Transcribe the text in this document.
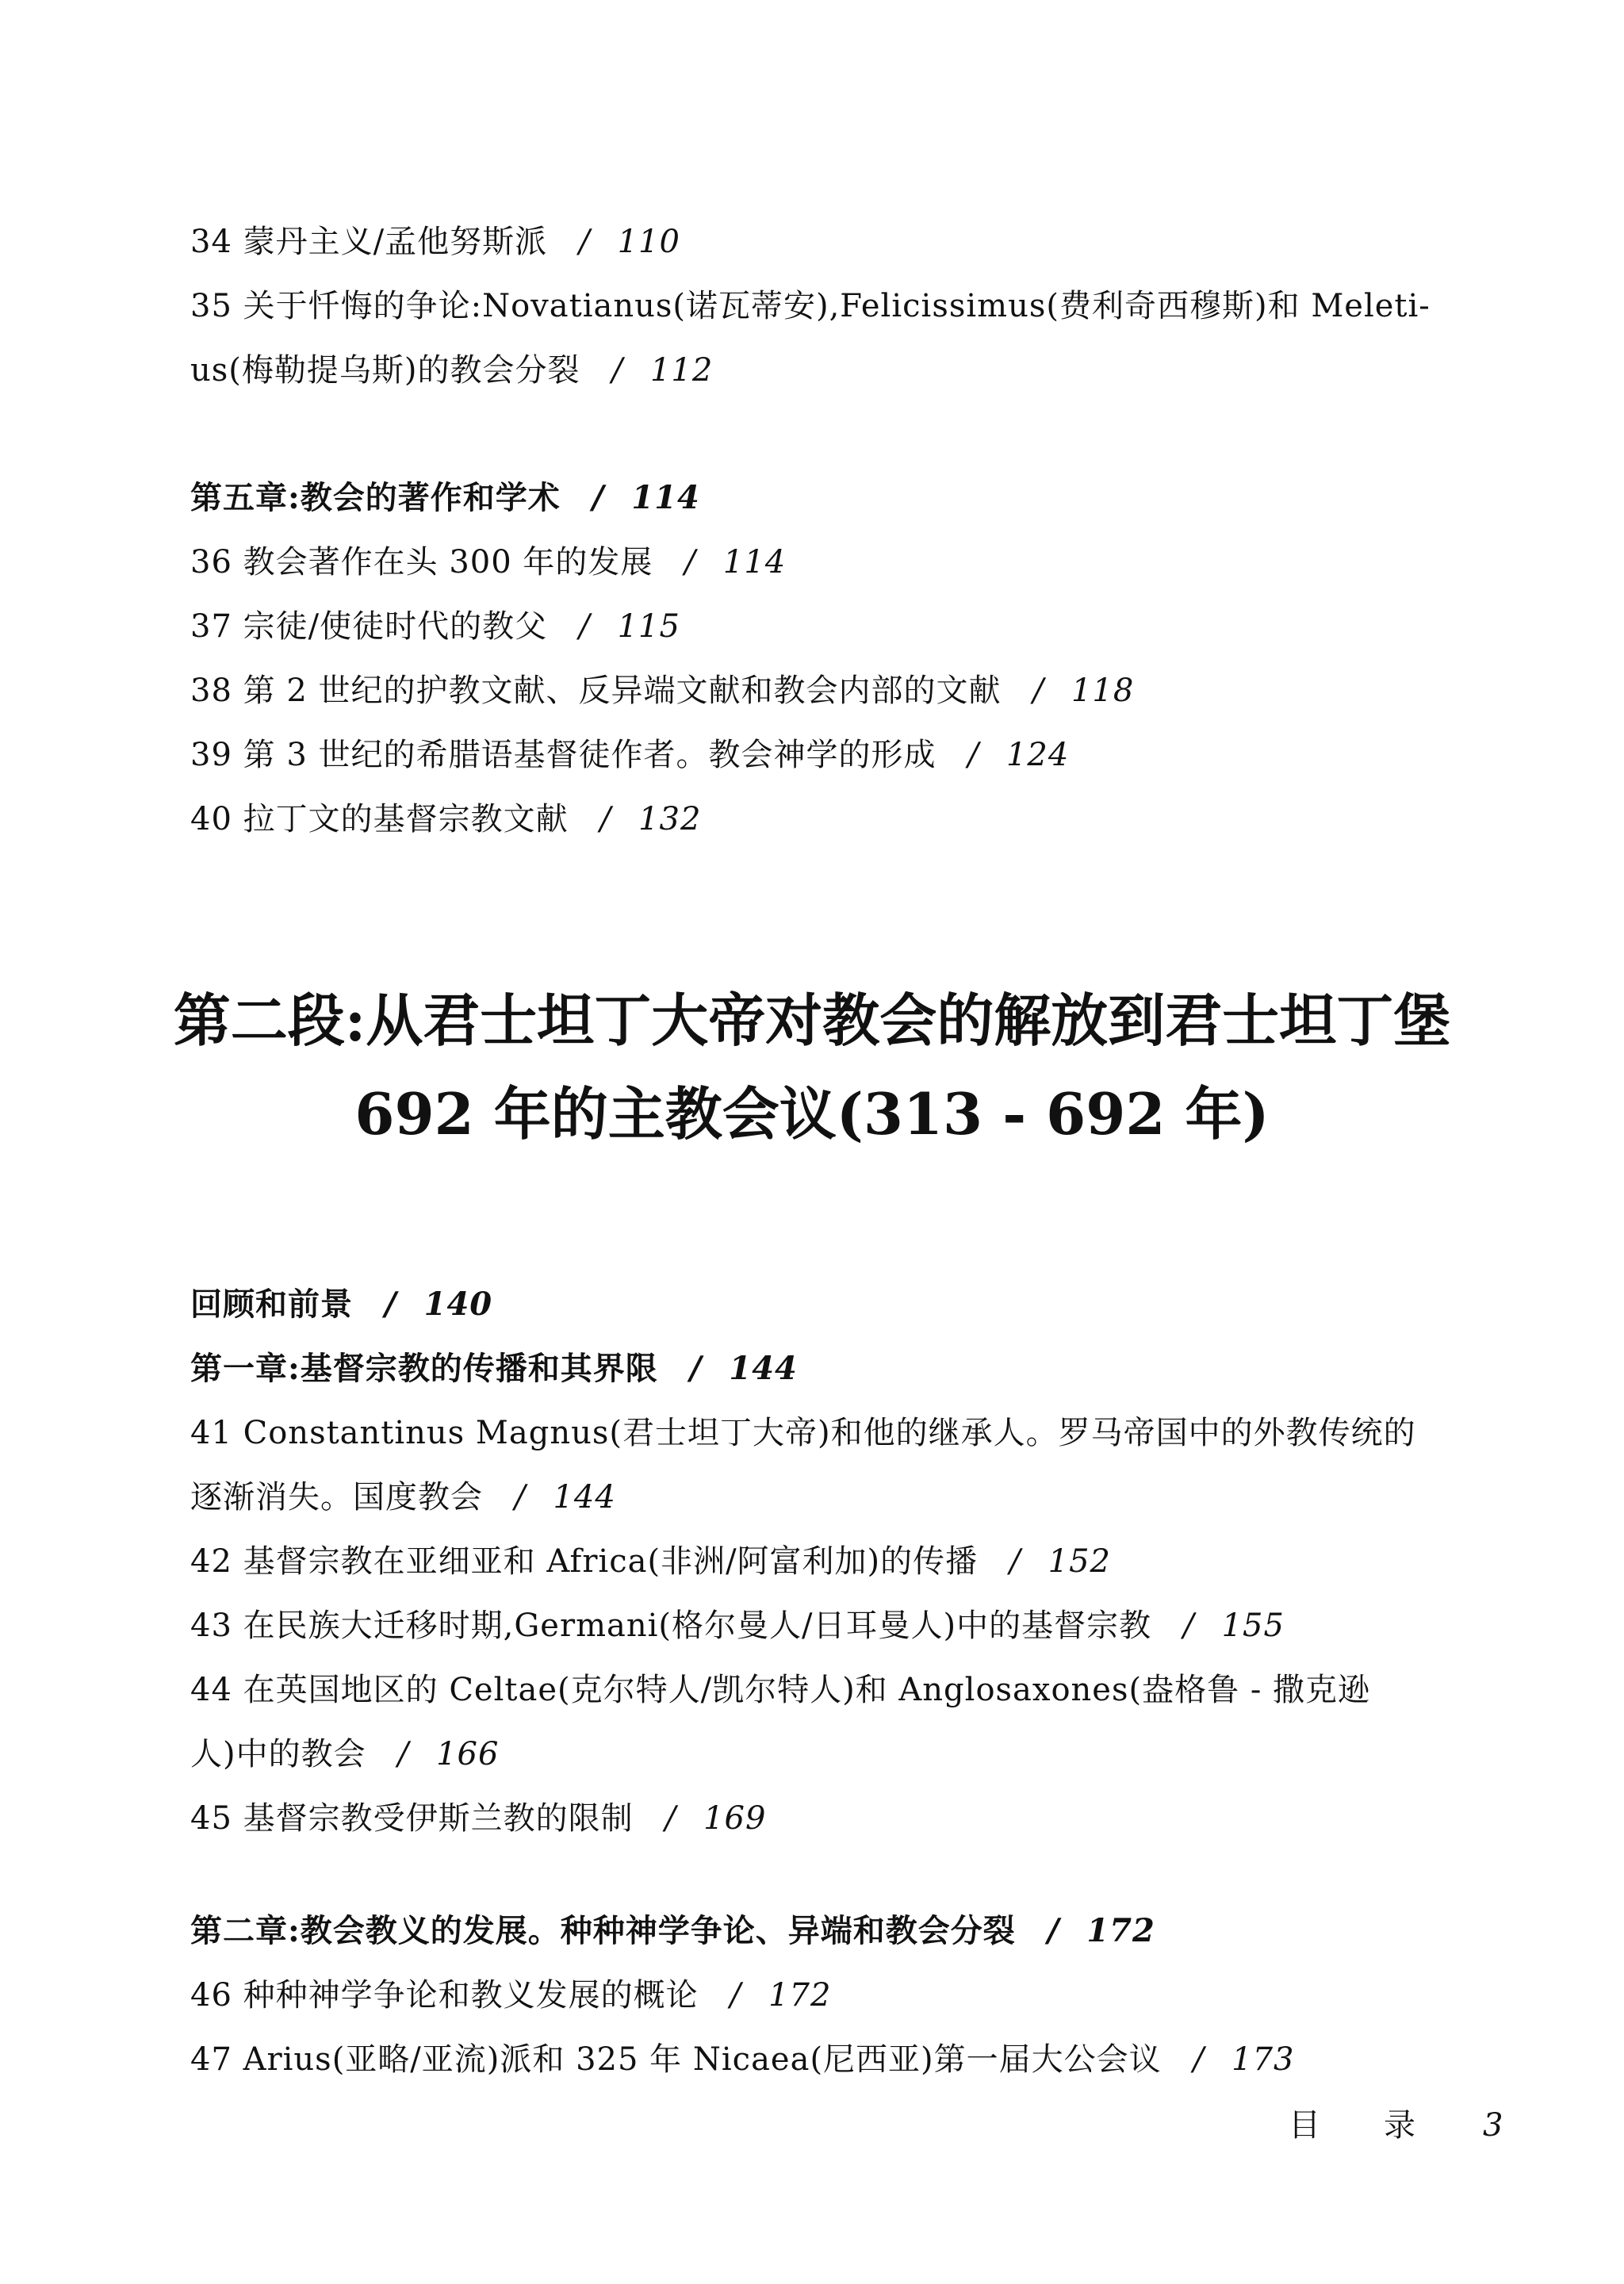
34 蒙丹主义/孟他努斯派 / 110
35 关于忏悔的争论:Novatianus(诺瓦蒂安),Felicissimus(费利奇西穆斯)和 Meleti-
us(梅勒提乌斯)的教会分裂 / 112
第五章:教会的著作和学术 / 114
36 教会著作在头 300 年的发展 / 114
37 宗徒/使徒时代的教父 / 115
38 第 2 世纪的护教文献、反异端文献和教会内部的文献 / 118
39 第 3 世纪的希腊语基督徒作者。教会神学的形成 / 124
40 拉丁文的基督宗教文献 / 132
第二段:从君士坦丁大帝对教会的解放到君士坦丁堡
692 年的主教会议(313 - 692 年)
回顾和前景 / 140
第一章:基督宗教的传播和其界限 / 144
41 Constantinus Magnus(君士坦丁大帝)和他的继承人。罗马帝国中的外教传统的
逐渐消失。国度教会 / 144
42 基督宗教在亚细亚和 Africa(非洲/阿富利加)的传播 / 152
43 在民族大迁移时期,Germani(格尔曼人/日耳曼人)中的基督宗教 / 155
44 在英国地区的 Celtae(克尔特人/凯尔特人)和 Anglosaxones(盎格鲁 - 撒克逊
人)中的教会 / 166
45 基督宗教受伊斯兰教的限制 / 169
第二章:教会教义的发展。种种神学争论、异端和教会分裂 / 172
46 种种神学争论和教义发展的概论 / 172
47 Arius(亚略/亚流)派和 325 年 Nicaea(尼西亚)第一届大公会议 / 173
目　　录 3
